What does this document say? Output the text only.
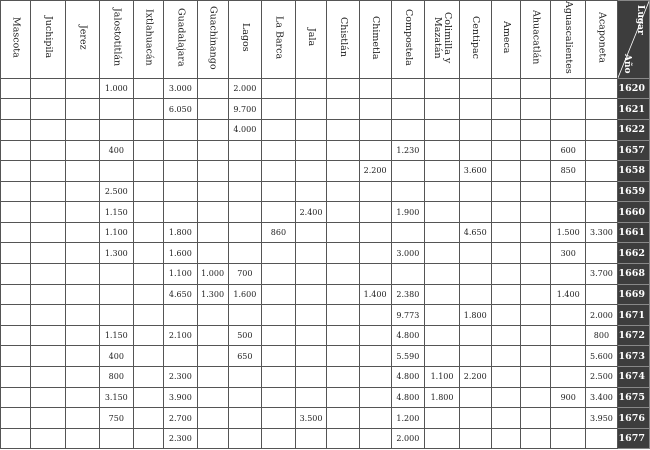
Mascota	Juchipila	Jerez	Jalostotitlán	Ixtlahuacán	Guadalajara	Guachinango	Lagos	La Barca	Jala	Chistlán	Chimetla	Compostela	Colimilla y
Mazatán	Centipac	Ameca	Ahuacatlán	Aguascalientes	Acaponeta	Lugar
Año

			1.000		3.000		2.000												1620
					6.050		9.700												1621
							4.000												1622
			400									1.230					600		1657
											2.200			3.600			850		1658
			2.500																1659
			1.150						2.400			1.900							1660
			1.100		1.800			860						4.650			1.500	3.300	1661
			1.300		1.600							3.000					300		1662
					1.100	1.000	700											3.700	1668
					4.650	1.300	1.600				1.400	2.380					1.400		1669
												9.773		1.800				2.000	1671
			1.150		2.100		500					4.800						800	1672
			400				650					5.590						5.600	1673
			800		2.300							4.800	1.100	2.200				2.500	1674
			3.150		3.900							4.800	1.800				900	3.400	1675
			750		2.700				3.500			1.200						3.950	1676
					2.300							2.000							1677
